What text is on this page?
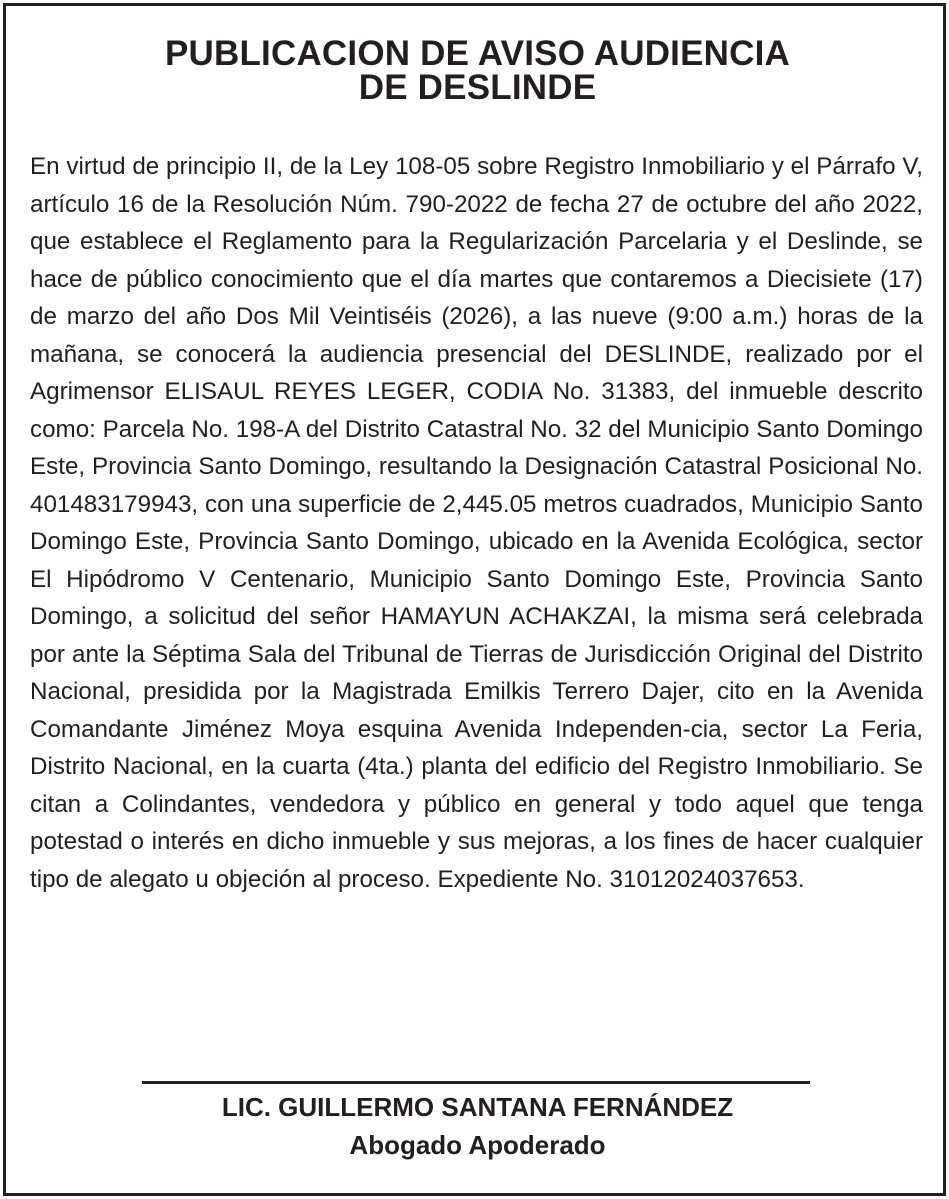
PUBLICACION DE AVISO AUDIENCIA
DE DESLINDE

En virtud de principio II, de la Ley 108-05 sobre Registro Inmobiliario y el Párrafo V, artículo 16 de la Resolución Núm. 790-2022 de fecha 27 de octubre del año 2022, que establece el Reglamento para la Regularización Parcelaria y el Deslinde, se hace de público conocimiento que el día martes que contaremos a Diecisiete (17) de marzo del año Dos Mil Veintiséis (2026), a las nueve (9:00 a.m.) horas de la mañana, se conocerá la audiencia presencial del DESLINDE, realizado por el Agrimensor ELISAUL REYES LEGER, CODIA No. 31383, del inmueble descrito como: Parcela No. 198-A del Distrito Catastral No. 32 del Municipio Santo Domingo Este, Provincia Santo Domingo, resultando la Designación Catastral Posicional No. 401483179943, con una superficie de 2,445.05 metros cuadrados, Municipio Santo Domingo Este, Provincia Santo Domingo, ubicado en la Avenida Ecológica, sector El Hipódromo V Centenario, Municipio Santo Domingo Este, Provincia Santo Domingo, a solicitud del señor HAMAYUN ACHAKZAI, la misma será celebrada por ante la Séptima Sala del Tribunal de Tierras de Jurisdicción Original del Distrito Nacional, presidida por la Magistrada Emilkis Terrero Dajer, cito en la Avenida Comandante Jiménez Moya esquina Avenida Independen-cia, sector La Feria, Distrito Nacional, en la cuarta (4ta.) planta del edificio del Registro Inmobiliario. Se citan a Colindantes, vendedora y público en general y todo aquel que tenga potestad o interés en dicho inmueble y sus mejoras, a los fines de hacer cualquier tipo de alegato u objeción al proceso. Expediente No. 31012024037653.

LIC. GUILLERMO SANTANA FERNÁNDEZ
Abogado Apoderado
